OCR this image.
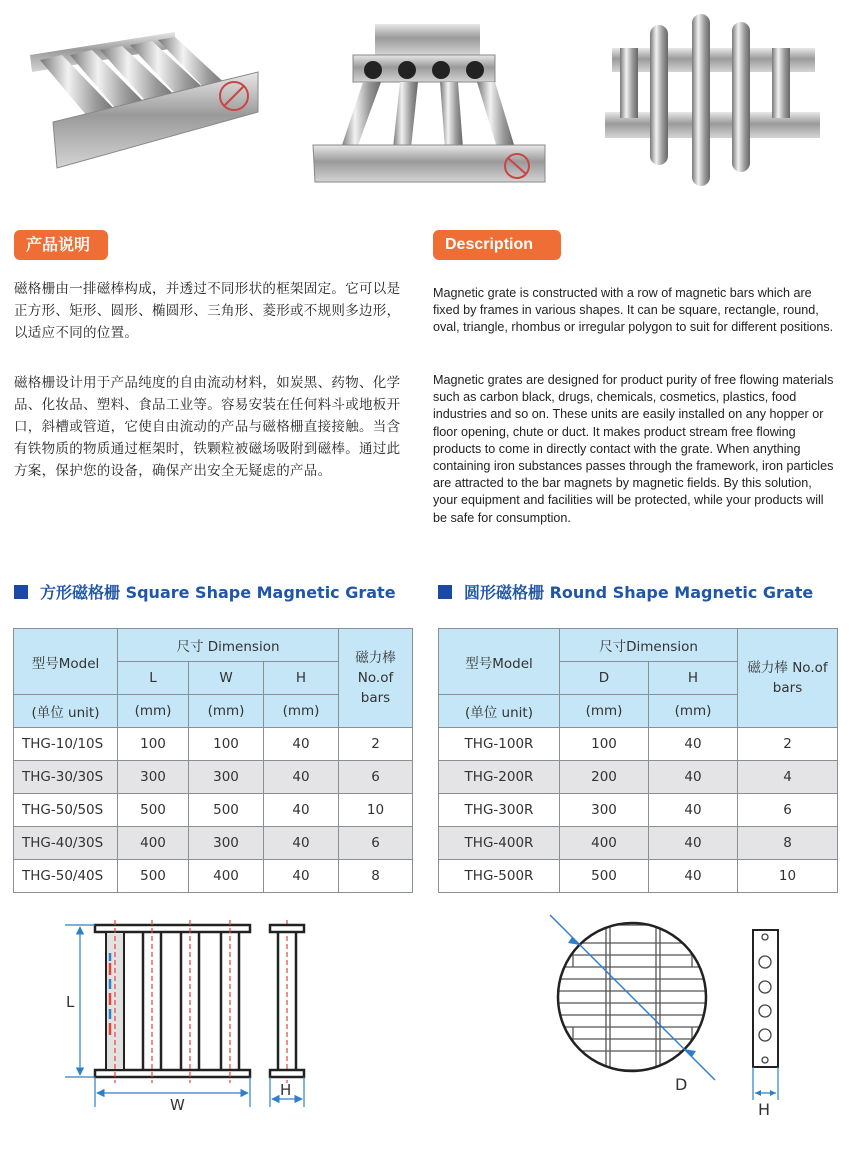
产品说明

磁格栅由一排磁棒构成，并透过不同形状的框架固定。它可以是正方形、矩形、圆形、椭圆形、三角形、菱形或不规则多边形，以适应不同的位置。

磁格栅设计用于产品纯度的自由流动材料，如炭黑、药物、化学品、化妆品、塑料、食品工业等。容易安装在任何料斗或地板开口，斜槽或管道，它使自由流动的产品与磁格栅直接接触。当含有铁物质的物质通过框架时，铁颗粒被磁场吸附到磁棒。通过此方案，保护您的设备，确保产出安全无疑虑的产品。

Description

Magnetic grate is constructed with a row of magnetic bars which are fixed by frames in various shapes. It can be square, rectangle, round, oval, triangle, rhombus or irregular polygon to suit for different positions.

Magnetic grates are designed for product purity of free flowing materials such as carbon black, drugs, chemicals, cosmetics, plastics, food industries and so on. These units are easily installed on any hopper or floor opening, chute or duct. It makes product stream free flowing products to come in directly contact with the grate. When anything containing iron substances passes through the framework, iron particles are attracted to the bar magnets by magnetic fields. By this solution, your equipment and facilities will be protected, while your products will be safe for consumption.

方形磁格栅 Square Shape Magnetic Grate	圆形磁格栅 Round Shape Magnetic Grate
型号Model	尺寸 Dimension			磁力棒 No.of bars
	L	W	H	
(单位 unit)	(mm)	(mm)	(mm)	
THG-10/10S	100	100	40	2
THG-30/30S	300	300	40	6
THG-50/50S	500	500	40	10
THG-40/30S	400	300	40	6
THG-50/40S	500	400	40	8
型号Model	尺寸Dimension		磁力棒 No.of bars
	D	H	
(单位 unit)	(mm)	(mm)	
THG-100R	100	40	2
THG-200R	200	40	4
THG-300R	300	40	6
THG-400R	400	40	8
THG-500R	500	40	10
L
W
H	D
H
